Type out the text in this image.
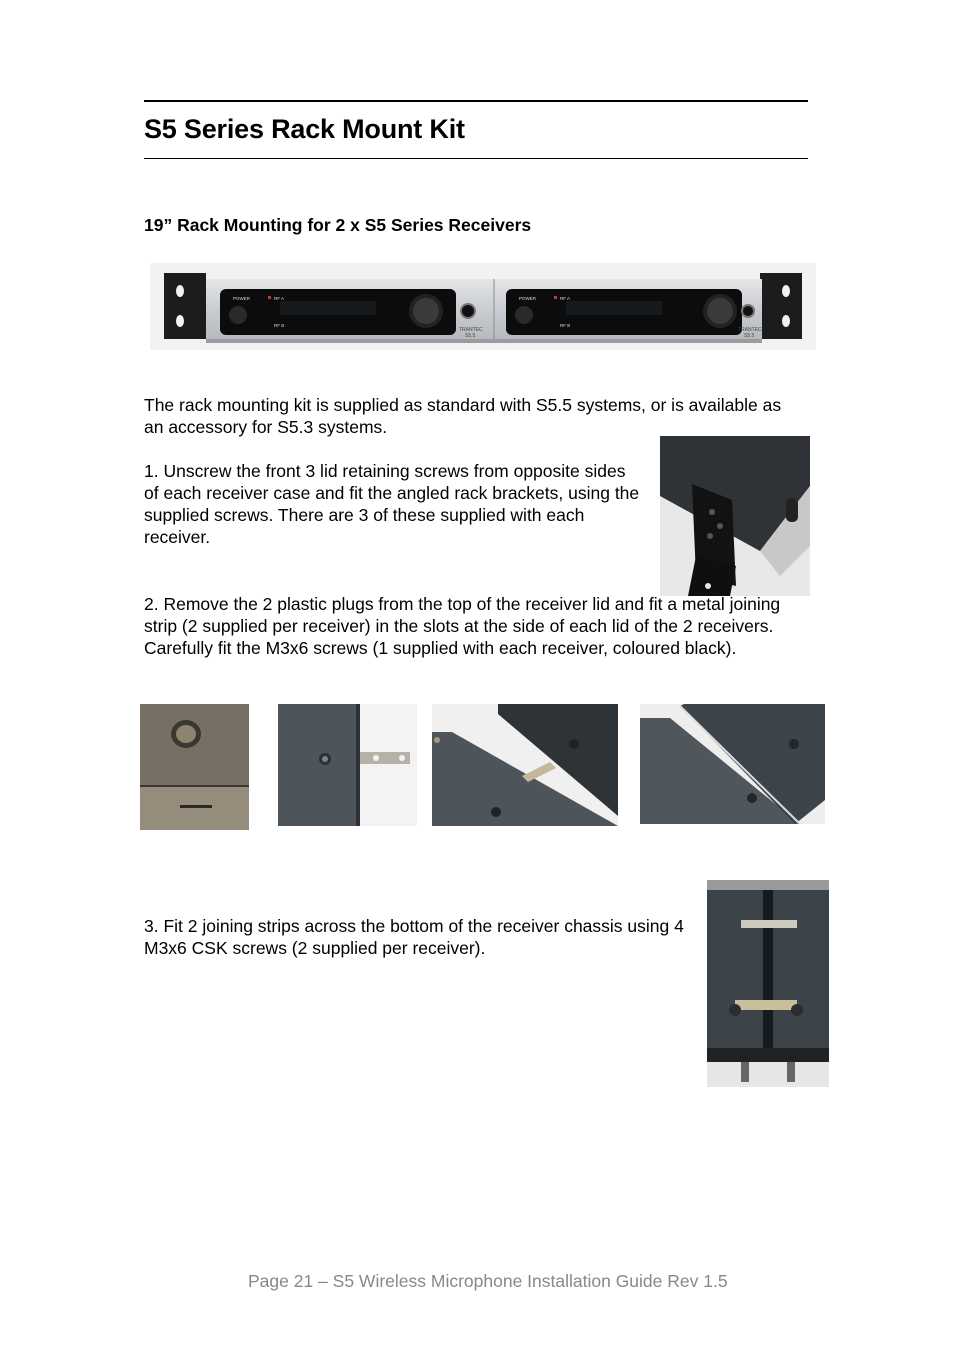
S5 Series Rack Mount Kit
19” Rack Mounting for 2 x S5 Series Receivers
POWER	RF A
RF B
POWER	RF A
RF B
TRANTEC
S5.5
TRANTEC
S5.5

The rack mounting kit is supplied as standard with S5.5 systems, or is available as an accessory for S5.3 systems.

1. Unscrew the front 3 lid retaining screws from opposite sides of each receiver case and fit the angled rack brackets, using the supplied screws. There are 3 of these supplied with each receiver.

2. Remove the 2 plastic plugs from the top of the receiver lid and fit a metal joining strip (2 supplied per receiver) in the slots at the side of each lid of the 2 receivers. Carefully fit the M3x6 screws (1 supplied with each receiver, coloured black).

3. Fit 2 joining strips across the bottom of the receiver chassis using 4 M3x6 CSK screws (2 supplied per receiver).

Page 21 – S5 Wireless Microphone Installation Guide Rev 1.5
